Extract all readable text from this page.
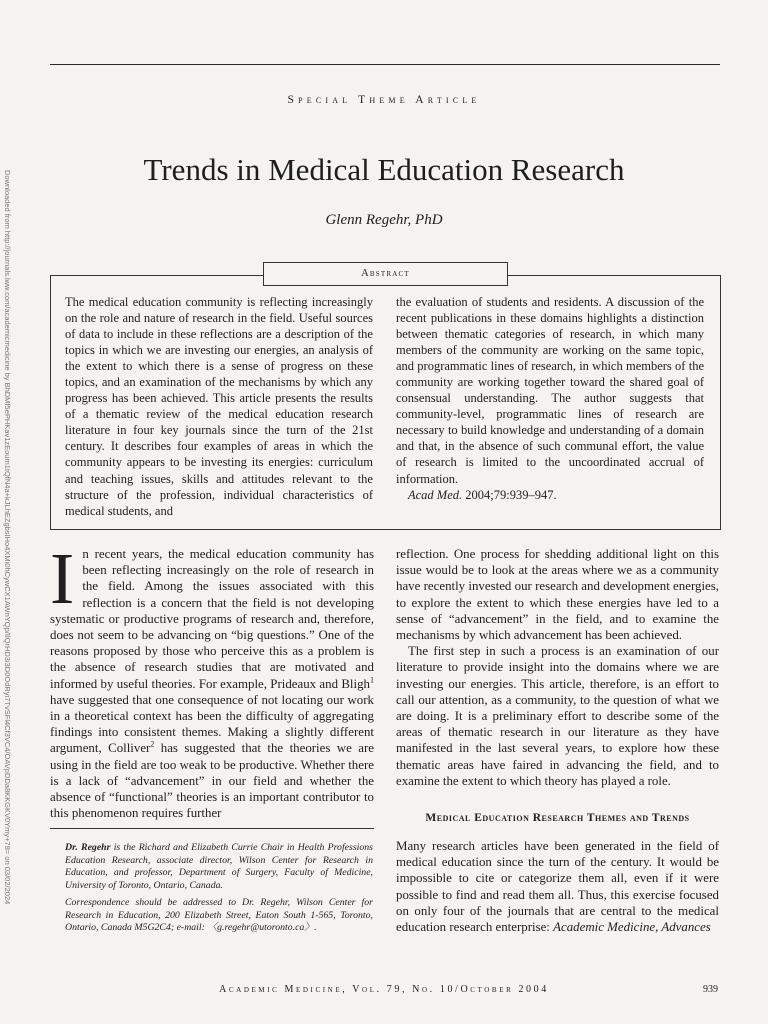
Downloaded from http://journals.lww.com/academicmedicine by BhDMf5ePHKav1zEoum1tQfN4a+kJLhEZgbsIHo4XMi0hCywCX1AWnYQp/IlQrHD3i3D0OdRyi7TvSFl4Cf3VC4/OAVpDDa8KKGKV0Ymy+78= on 03/02/2024
Special Theme Article
Trends in Medical Education Research
Glenn Regehr, PhD
Abstract

The medical education community is reflecting increasingly on the role and nature of research in the field. Useful sources of data to include in these reflections are a description of the topics in which we are investing our energies, an analysis of the extent to which there is a sense of progress on these topics, and an examination of the mechanisms by which any progress has been achieved. This article presents the results of a thematic review of the medical education research literature in four key journals since the turn of the 21st century. It describes four examples of areas in which the community appears to be investing its energies: curriculum and teaching issues, skills and attitudes relevant to the structure of the profession, individual characteristics of medical students, and

the evaluation of students and residents. A discussion of the recent publications in these domains highlights a distinction between thematic categories of research, in which many members of the community are working on the same topic, and programmatic lines of research, in which members of the community are working together toward the shared goal of consensual understanding. The author suggests that community-level, programmatic lines of research are necessary to build knowledge and understanding of a domain and that, in the absence of such communal effort, the value of research is limited to the uncoordinated accrual of information.

Acad Med. 2004;79:939–947.

In recent years, the medical education community has been reflecting increasingly on the role of research in the field. Among the issues associated with this reflection is a concern that the field is not developing systematic or productive programs of research and, therefore, does not seem to be advancing on “big questions.” One of the reasons proposed by those who perceive this as a problem is the absence of research studies that are motivated and informed by useful theories. For example, Prideaux and Bligh$^1$ have suggested that one consequence of not locating our work in a theoretical context has been the difficulty of aggregating findings into consistent themes. Making a slightly different argument, Colliver$^2$ has suggested that the theories we are using in the field are too weak to be productive. Whether there is a lack of “advancement” in our field and whether the absence of “functional” theories is an important contributor to this phenomenon requires further

reflection. One process for shedding additional light on this issue would be to look at the areas where we as a community have recently invested our research and development energies, to explore the extent to which these energies have led to a sense of “advancement” in the field, and to examine the mechanisms by which advancement has been achieved.

The first step in such a process is an examination of our literature to provide insight into the domains where we are investing our energies. This article, therefore, is an effort to call our attention, as a community, to the question of what we are doing. It is a preliminary effort to describe some of the areas of thematic research in our literature as they have manifested in the last several years, to explore how these thematic areas have faired in advancing the field, and to examine the extent to which theory has played a role.

Medical Education Research Themes and Trends

Many research articles have been generated in the field of medical education since the turn of the century. It would be impossible to cite or categorize them all, even if it were possible to find and read them all. Thus, this exercise focused on only four of the journals that are central to the medical education research enterprise: Academic Medicine, Advances

Dr. Regehr is the Richard and Elizabeth Currie Chair in Health Professions Education Research, associate director, Wilson Center for Research in Education, and professor, Department of Surgery, Faculty of Medicine, University of Toronto, Ontario, Canada.
Correspondence should be addressed to Dr. Regehr, Wilson Center for Research in Education, 200 Elizabeth Street, Eaton South 1-565, Toronto, Ontario, Canada M5G2C4; e-mail: 〈g.regehr@utoronto.ca〉.
Academic Medicine, Vol. 79, No. 10/October 2004	939
